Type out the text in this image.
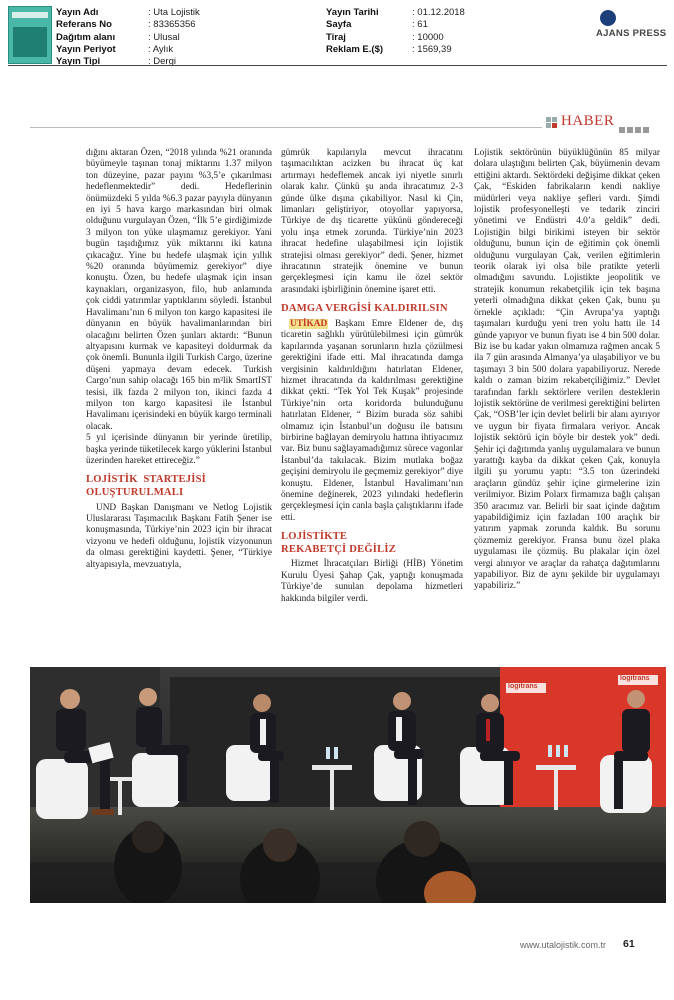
Yayın Adı	: Uta Lojistik
Referans No	: 83365356
Dağıtım alanı	: Ulusal
Yayın Periyot	: Aylık
Yayın Tipi	: Dergi
Yayın Tarihi	: 01.12.2018
Sayfa	: 61
Tiraj	: 10000
Reklam E.($)	: 1569,39
AJANS PRESS
HABER

dığını aktaran Özen, “2018 yılında %21 oranında büyümeyle taşınan tonaj miktarını 1.37 milyon ton düzeyine, pazar payını %3,5’e çıkarılması hedeflenmektedir” dedi. Hedeflerinin önümüzdeki 5 yılda %6.3 pazar payıyla dünyanın en iyi 5 hava kargo markasından biri olmak olduğunu vurgulayan Özen, “İlk 5’e girdiğimizde 3 milyon ton yüke ulaşmamız gerekiyor. Yani bugün taşıdığımız yük miktarını iki katına çıkacağız. Yine bu hedefe ulaşmak için yıllık %20 oranında büyümemiz gerekiyor” diye konuştu. Özen, bu hedefe ulaşmak için insan kaynakları, organizasyon, filo, hub anlamında çok ciddi yatırımlar yaptıklarını söyledi. İstanbul Havalimanı’nın 6 milyon ton kargo kapasitesi ile dünyanın en büyük havalimanlarından biri olacağını belirten Özen şunları aktardı: “Bunun altyapısını kurmak ve kapasiteyi doldurmak da çok önemli. Bununla ilgili Turkish Cargo, üzerine düşeni yapmaya devam edecek. Turkish Cargo’nun sahip olacağı 165 bin m²lik SmartIST tesisi, ilk fazda 2 milyon ton, ikinci fazda 4 milyon ton kargo kapasitesi ile İstanbul Havalimanı içerisindeki en büyük kargo terminali olacak.

5 yıl içerisinde dünyanın bir yerinde üretilip, başka yerinde tüketilecek kargo yüklerini İstanbul üzerinden hareket ettireceğiz.”

LOJİSTİK STARTEJİSİ OLUŞTURULMALI

UND Başkan Danışmanı ve Netlog Lojistik Uluslararası Taşımacılık Başkanı Fatih Şener ise konuşmasında, Türkiye’nin 2023 için bir ihracat vizyonu ve hedefi olduğunu, lojistik vizyonunun da olması gerektiğini kaydetti. Şener, “Türkiye altyapısıyla, mevzuatıyla,

gümrük kapılarıyla mevcut ihracatını taşımacılıktan acizken bu ihracat üç kat artırmayı hedeflemek ancak iyi niyetle sınırlı olarak kalır. Çünkü şu anda ihracatımız 2-3 günde ülke dışına çıkabiliyor. Nasıl ki Çin, limanları geliştiriyor, otoyollar yapıyorsa, Türkiye de dış ticarette yükünü göndereceği yolu inşa etmek zorunda. Türkiye’nin 2023 ihracat hedefine ulaşabilmesi için lojistik stratejisi olması gerekiyor” dedi. Şener, hizmet ihracatının stratejik önemine ve bunun gerçekleşmesi için kamu ile özel sektör arasındaki işbirliğinin önemine işaret etti.

DAMGA VERGİSİ KALDIRILSIN

UTİKAD Başkanı Emre Eldener de, dış ticaretin sağlıklı yürütülebilmesi için gümrük kapılarında yaşanan sorunların hızla çözülmesi gerektiğini ifade etti. Mal ihracatında damga vergisinin kaldırıldığını hatırlatan Eldener, hizmet ihracatında da kaldırılması gerektiğine dikkat çekti. “Tek Yol Tek Kuşak” projesinde Türkiye’nin orta koridorda bulunduğunu hatırlatan Eldener, “ Bizim burada söz sahibi olmamız için İstanbul’un doğusu ile batısını birbirine bağlayan demiryolu hattına ihtiyacımız var. Biz bunu sağlayamadığımız sürece vagonlar İstanbul’da takılacak. Bizim mutlaka boğaz geçişini demiryolu ile geçmemiz gerekiyor” diye konuştu. Eldener, İstanbul Havalimanı’nın önemine değinerek, 2023 yılındaki hedeflerin gerçekleşmesi için canla başla çalıştıklarını ifade etti.

LOJİSTİKTE REKABETÇİ DEĞİLİZ

Hizmet İhracatçıları Birliği (HİB) Yönetim Kurulu Üyesi Şahap Çak, yaptığı konuşmada Türkiye’de sunulan depolama hizmetleri hakkında bilgiler verdi.

Lojistik sektörünün büyüklüğünün 85 milyar dolara ulaştığını belirten Çak, büyümenin devam ettiğini aktardı. Sektördeki değişime dikkat çeken Çak, “Eskiden fabrikaların kendi nakliye müdürleri veya nakliye şefleri vardı. Şimdi lojistik profesyonelleşti ve tedarik zinciri yönetimi ve Endüstri 4.0’a geldik” dedi. Lojistiğin bilgi birikimi isteyen bir sektör olduğunu, bunun için de eğitimin çok önemli olduğunu vurgulayan Çak, verilen eğitimlerin teorik olarak iyi olsa bile pratikte yeterli olmadığını savundu. Lojistikte jeopolitik ve stratejik konumun rekabetçilik için tek başına yeterli olmadığına dikkat çeken Çak, bunu şu örnekle açıkladı: “Çin Avrupa’ya yaptığı taşımaları kurduğu yeni tren yolu hattı ile 14 günde yapıyor ve bunun fiyatı ise 4 bin 500 dolar. Biz ise bu kadar yakın olmamıza rağmen ancak 5 ila 7 gün arasında Almanya’ya ulaşabiliyor ve bu taşımayı 3 bin 500 dolara yapabiliyoruz. Nerede kaldı o zaman bizim rekabetçiliğimiz.” Devlet tarafından farklı sektörlere verilen desteklerin lojistik sektörüne de verilmesi gerektiğini belirten Çak, “OSB’ler için devlet belirli bir alanı ayırıyor ve uygun bir fiyata firmalara veriyor. Ancak lojistik sektörü için böyle bir destek yok” dedi. Şehir içi dağıtımda yanlış uygulamalara ve bunun yarattığı kayba da dikkat çeken Çak, konuyla ilgili şu yorumu yaptı: “3.5 ton üzerindeki araçların gündüz şehir içine girmelerine izin verilmiyor. Bizim Polarx firmamıza bağlı çalışan 350 aracımız var. Belirli bir saat içinde dağıtım yapabildiğimiz için fazladan 100 araçlık bir yatırım yapmak zorunda kaldık. Bu sorunu çözmemiz gerekiyor. Fransa bunu özel plaka uygulaması ile çözmüş. Bu plakalar için özel vergi alınıyor ve araçlar da rahatça dağıtımlarını yapabiliyor. Biz de aynı şekilde bir uygulamayı yapabiliriz.”

logitrans
logitrans
www.utalojistik.com.tr 61
